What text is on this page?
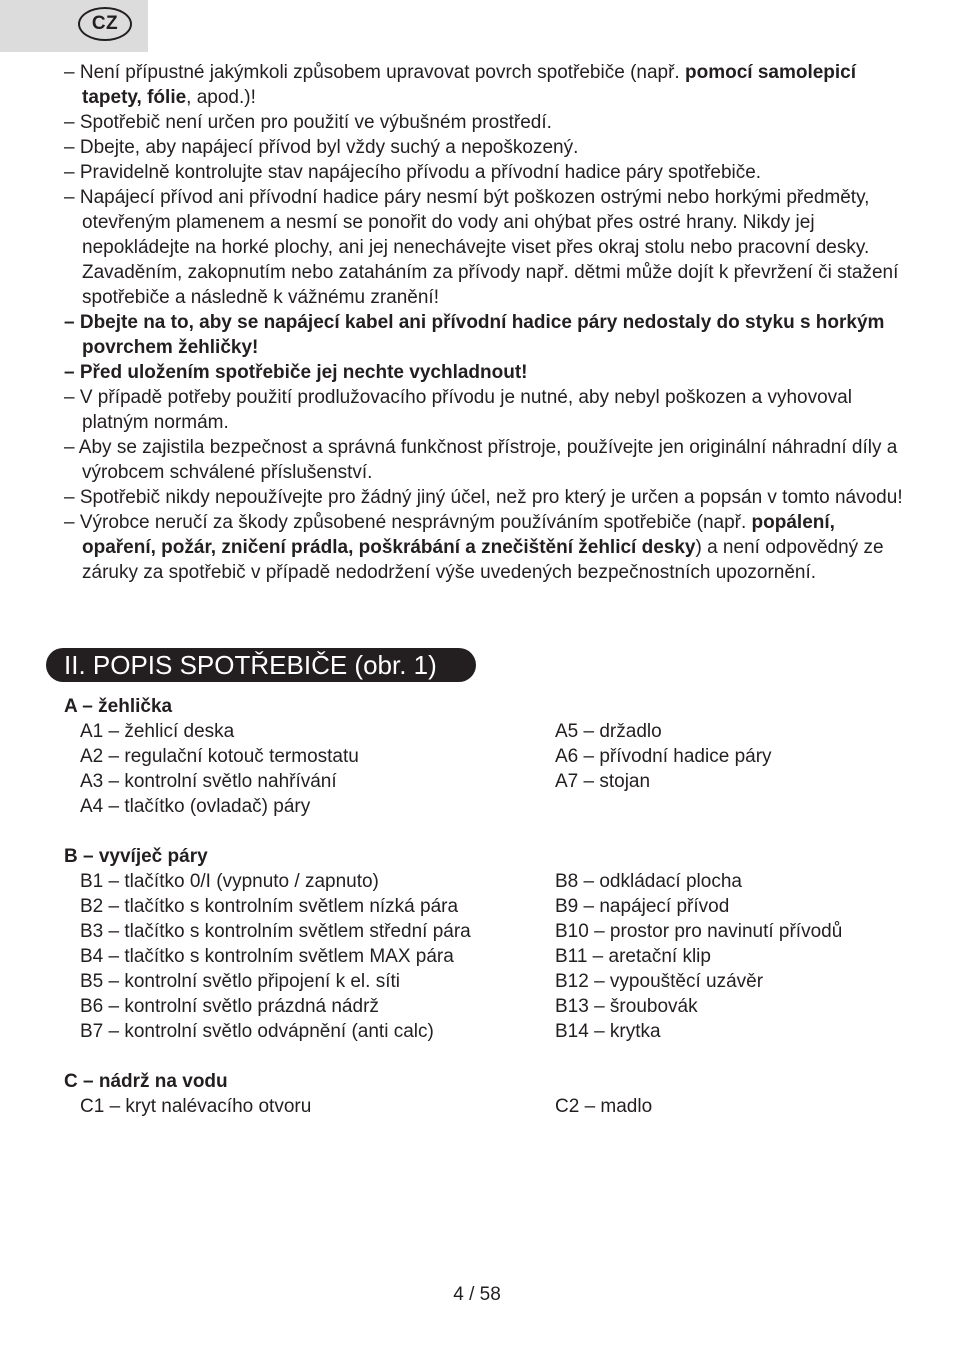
CZ
– Není přípustné jakýmkoli způsobem upravovat povrch spotřebiče (např. pomocí samolepicí tapety, fólie, apod.)!
– Spotřebič není určen pro použití ve výbušném prostředí.
– Dbejte, aby napájecí přívod byl vždy suchý a nepoškozený.
– Pravidelně kontrolujte stav napájecího přívodu a přívodní hadice páry spotřebiče.
– Napájecí přívod ani přívodní hadice páry nesmí být poškozen ostrými nebo horkými předměty, otevřeným plamenem a nesmí se ponořit do vody ani ohýbat přes ostré hrany. Nikdy jej nepokládejte na horké plochy, ani jej nenechávejte viset přes okraj stolu nebo pracovní desky. Zavaděním, zakopnutím nebo zataháním za přívody např. dětmi může dojít k převržení či stažení spotřebiče a následně k vážnému zranění!
– Dbejte na to, aby se napájecí kabel ani přívodní hadice páry nedostaly do styku s horkým povrchem žehličky!
– Před uložením spotřebiče jej nechte vychladnout!
– V případě potřeby použití prodlužovacího přívodu je nutné, aby nebyl poškozen a vyhovoval platným normám.
– Aby se zajistila bezpečnost a správná funkčnost přístroje, používejte jen originální náhradní díly a výrobcem schválené příslušenství.
– Spotřebič nikdy nepoužívejte pro žádný jiný účel, než pro který je určen a popsán v tomto návodu!
– Výrobce neručí za škody způsobené nesprávným používáním spotřebiče (např. popálení, opaření, požár, zničení prádla, poškrábání a znečištění žehlicí desky) a není odpovědný ze záruky za spotřebič v případě nedodržení výše uvedených bezpečnostních upozornění.
II. POPIS SPOTŘEBIČE (obr. 1)
A – žehlička
A1 – žehlicí deska
A2 – regulační kotouč termostatu
A3 – kontrolní světlo nahřívání
A4 – tlačítko (ovladač) páry
A5 – držadlo
A6 – přívodní hadice páry
A7 – stojan
B – vyvíječ páry
B1 – tlačítko 0/I (vypnuto / zapnuto)
B2 – tlačítko s kontrolním světlem nízká pára
B3 – tlačítko s kontrolním světlem střední pára
B4 – tlačítko s kontrolním světlem MAX pára
B5 – kontrolní světlo připojení k el. síti
B6 – kontrolní světlo prázdná nádrž
B7 – kontrolní světlo odvápnění (anti calc)
B8 – odkládací plocha
B9 – napájecí přívod
B10 – prostor pro navinutí přívodů
B11 – aretační klip
B12 – vypouštěcí uzávěr
B13 – šroubovák
B14 – krytka
C – nádrž na vodu
C1 – kryt nalévacího otvoru	C2 – madlo
4 / 58
